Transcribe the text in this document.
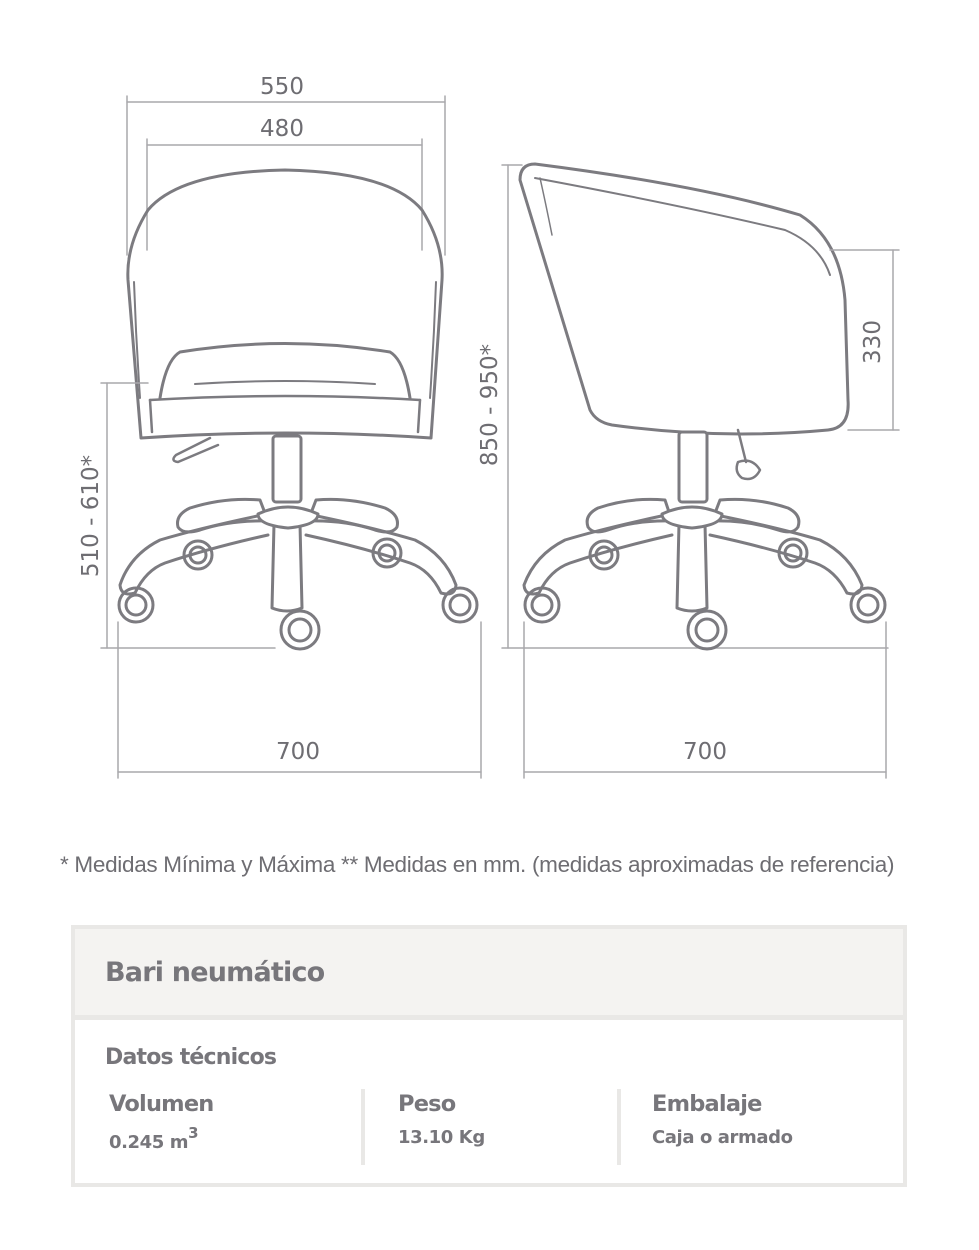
550
480
510 - 610*
700
850 - 950*
330
700
* Medidas Mínima y Máxima ** Medidas en mm. (medidas aproximadas de referencia)
Bari neumático
Datos técnicos
Volumen
0.245 $m^3$
Peso
13.10 Kg
Embalaje
Caja o armado
